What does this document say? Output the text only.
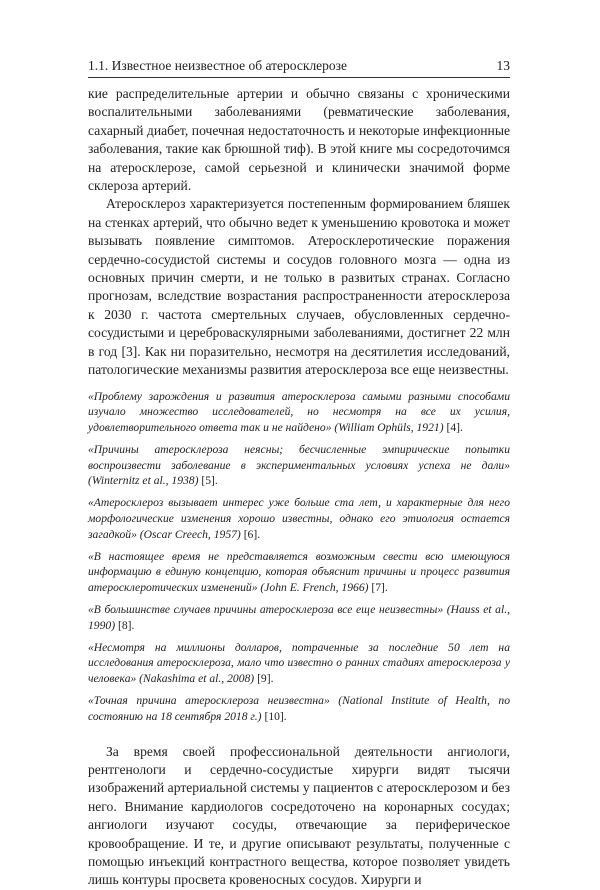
1.1. Известное неизвестное об атеросклерозе	13

кие распределительные артерии и обычно связаны с хроническими воспалительными заболеваниями (ревматические заболевания, сахарный диабет, почечная недостаточность и некоторые инфекционные заболевания, такие как брюшной тиф). В этой книге мы сосредоточимся на атеросклерозе, самой серьезной и клинически значимой форме склероза артерий.

Атеросклероз характеризуется постепенным формированием бляшек на стенках артерий, что обычно ведет к уменьшению кровотока и может вызывать появление симптомов. Атеросклеротические поражения сердечно-сосудистой системы и сосудов головного мозга — одна из основных причин смерти, и не только в развитых странах. Согласно прогнозам, вследствие возрастания распространенности атеросклероза к 2030 г. частота смертельных случаев, обусловленных сердечно-сосудистыми и цереброваскулярными заболеваниями, достигнет 22 млн в год [3]. Как ни поразительно, несмотря на десятилетия исследований, патологические механизмы развития атеросклероза все еще неизвестны.

«Проблему зарождения и развития атеросклероза самыми разными способами изучало множество исследователей, но несмотря на все их усилия, удовлетворительного ответа так и не найдено» (William Ophüls, 1921) [4].

«Причины атеросклероза неясны; бесчисленные эмпирические попытки воспроизвести заболевание в экспериментальных условиях успеха не дали» (Winternitz et al., 1938) [5].

«Атеросклероз вызывает интерес уже больше ста лет, и характерные для него морфологические изменения хорошо известны, однако его этиология остается загадкой» (Oscar Creech, 1957) [6].

«В настоящее время не представляется возможным свести всю имеющуюся информацию в единую концепцию, которая объяснит причины и процесс развития атеросклеротических изменений» (John E. French, 1966) [7].

«В большинстве случаев причины атеросклероза все еще неизвестны» (Hauss et al., 1990) [8].

«Несмотря на миллионы долларов, потраченные за последние 50 лет на исследования атеросклероза, мало что известно о ранних стадиях атеросклероза у человека» (Nakashima et al., 2008) [9].

«Точная причина атеросклероза неизвестна» (National Institute of Health, по состоянию на 18 сентября 2018 г.) [10].

За время своей профессиональной деятельности ангиологи, рентгенологи и сердечно-сосудистые хирурги видят тысячи изображений артериальной системы у пациентов с атеросклерозом и без него. Внимание кардиологов сосредоточено на коронарных сосудах; ангиологи изучают сосуды, отвечающие за периферическое кровообращение. И те, и другие описывают результаты, полученные с помощью инъекций контрастного вещества, которое позволяет увидеть лишь контуры просвета кровеносных сосудов. Хирурги и
